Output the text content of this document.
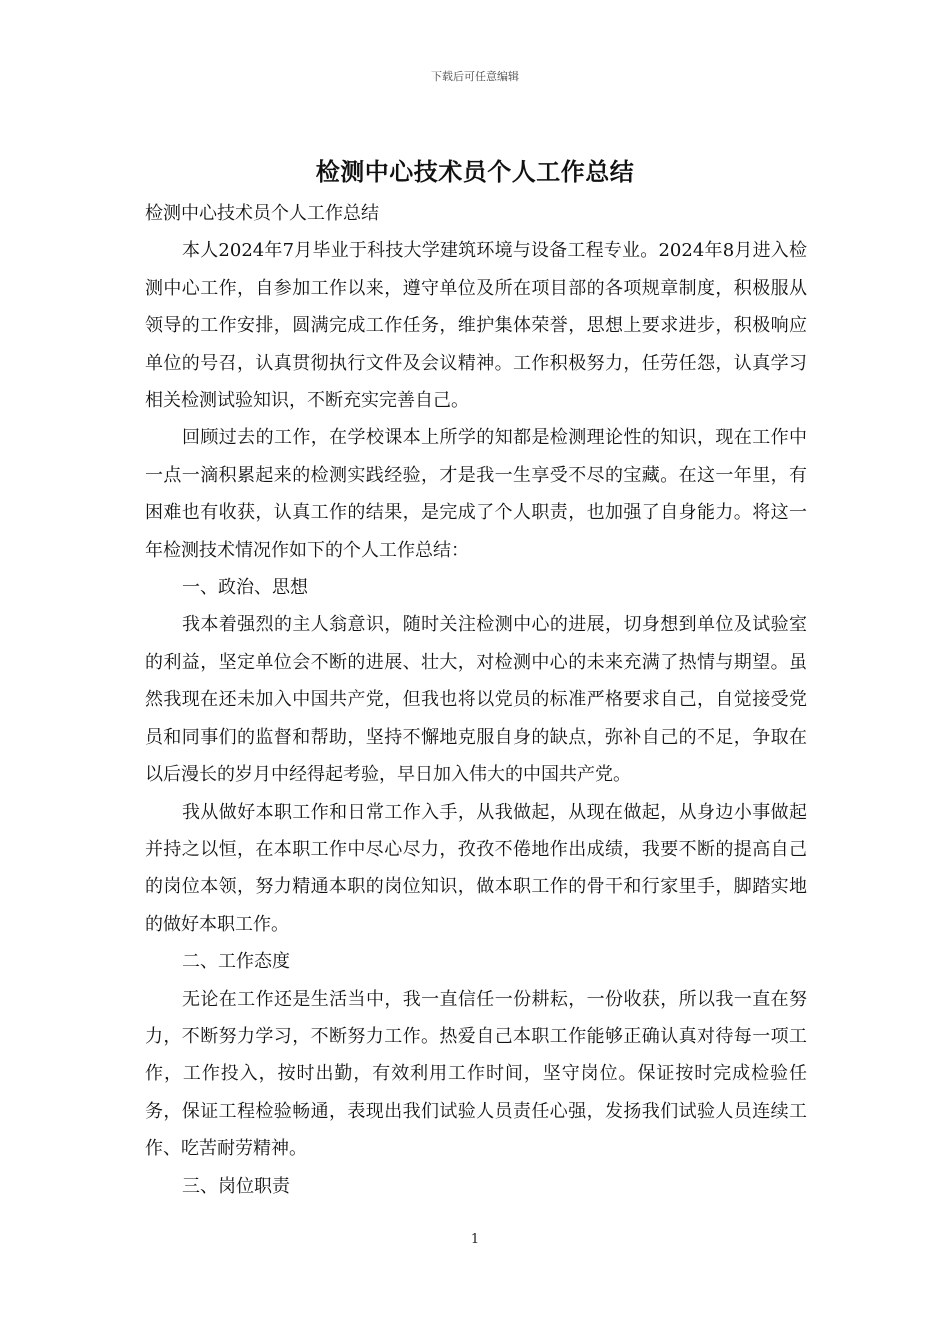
下载后可任意编辑
检测中心技术员个人工作总结

检测中心技术员个人工作总结

本人2024年7月毕业于科技大学建筑环境与设备工程专业。2024年8月进入检测中心工作，自参加工作以来，遵守单位及所在项目部的各项规章制度，积极服从领导的工作安排，圆满完成工作任务，维护集体荣誉，思想上要求进步，积极响应单位的号召，认真贯彻执行文件及会议精神。工作积极努力，任劳任怨，认真学习相关检测试验知识，不断充实完善自己。

回顾过去的工作，在学校课本上所学的知都是检测理论性的知识，现在工作中一点一滴积累起来的检测实践经验，才是我一生享受不尽的宝藏。在这一年里，有困难也有收获，认真工作的结果，是完成了个人职责，也加强了自身能力。将这一年检测技术情况作如下的个人工作总结：

一、政治、思想

我本着强烈的主人翁意识，随时关注检测中心的进展，切身想到单位及试验室的利益，坚定单位会不断的进展、壮大，对检测中心的未来充满了热情与期望。虽然我现在还未加入中国共产党，但我也将以党员的标准严格要求自己，自觉接受党员和同事们的监督和帮助，坚持不懈地克服自身的缺点，弥补自己的不足，争取在以后漫长的岁月中经得起考验，早日加入伟大的中国共产党。

我从做好本职工作和日常工作入手，从我做起，从现在做起，从身边小事做起并持之以恒，在本职工作中尽心尽力，孜孜不倦地作出成绩，我要不断的提高自己的岗位本领，努力精通本职的岗位知识，做本职工作的骨干和行家里手，脚踏实地的做好本职工作。

二、工作态度

无论在工作还是生活当中，我一直信任一份耕耘，一份收获，所以我一直在努力，不断努力学习，不断努力工作。热爱自己本职工作能够正确认真对待每一项工作，工作投入，按时出勤，有效利用工作时间，坚守岗位。保证按时完成检验任务，保证工程检验畅通，表现出我们试验人员责任心强，发扬我们试验人员连续工作、吃苦耐劳精神。

三、岗位职责

1
